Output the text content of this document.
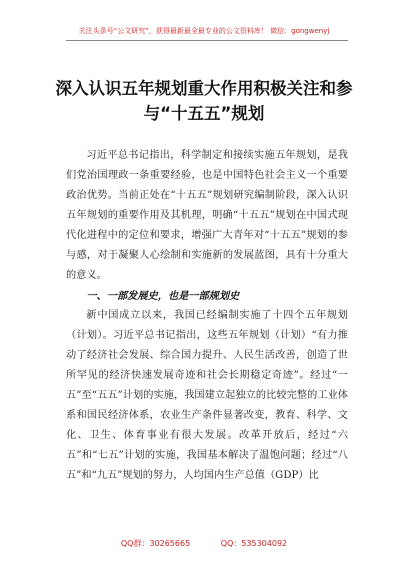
关注头条号“公文研究”，获得最新最全最专业的公文资料库！ 微信：gongwenyj
深入认识五年规划重大作用积极关注和参与“十五五”规划

习近平总书记指出，科学制定和接续实施五年规划，是我们党治国理政一条重要经验，也是中国特色社会主义一个重要政治优势。当前正处在“十五五”规划研究编制阶段，深入认识五年规划的重要作用及其机理，明确“十五五”规划在中国式现代化进程中的定位和要求，增强广大青年对“十五五”规划的参与感，对于凝聚人心绘制和实施新的发展蓝图，具有十分重大的意义。

一、一部发展史，也是一部规划史

新中国成立以来，我国已经编制实施了十四个五年规划（计划）。习近平总书记指出，这些五年规划（计划）“有力推动了经济社会发展、综合国力提升、人民生活改善，创造了世所罕见的经济快速发展奇迹和社会长期稳定奇迹”。经过“一五”至“五五”计划的实施，我国建立起独立的比较完整的工业体系和国民经济体系，农业生产条件显著改变，教育、科学、文化、卫生、体育事业有很大发展。改革开放后，经过“六五”和“七五”计划的实施，我国基本解决了温饱问题；经过“八五”和“九五”规划的努力，人均国内生产总值（GDP）比

QQ群：30265665	QQ：535304092
